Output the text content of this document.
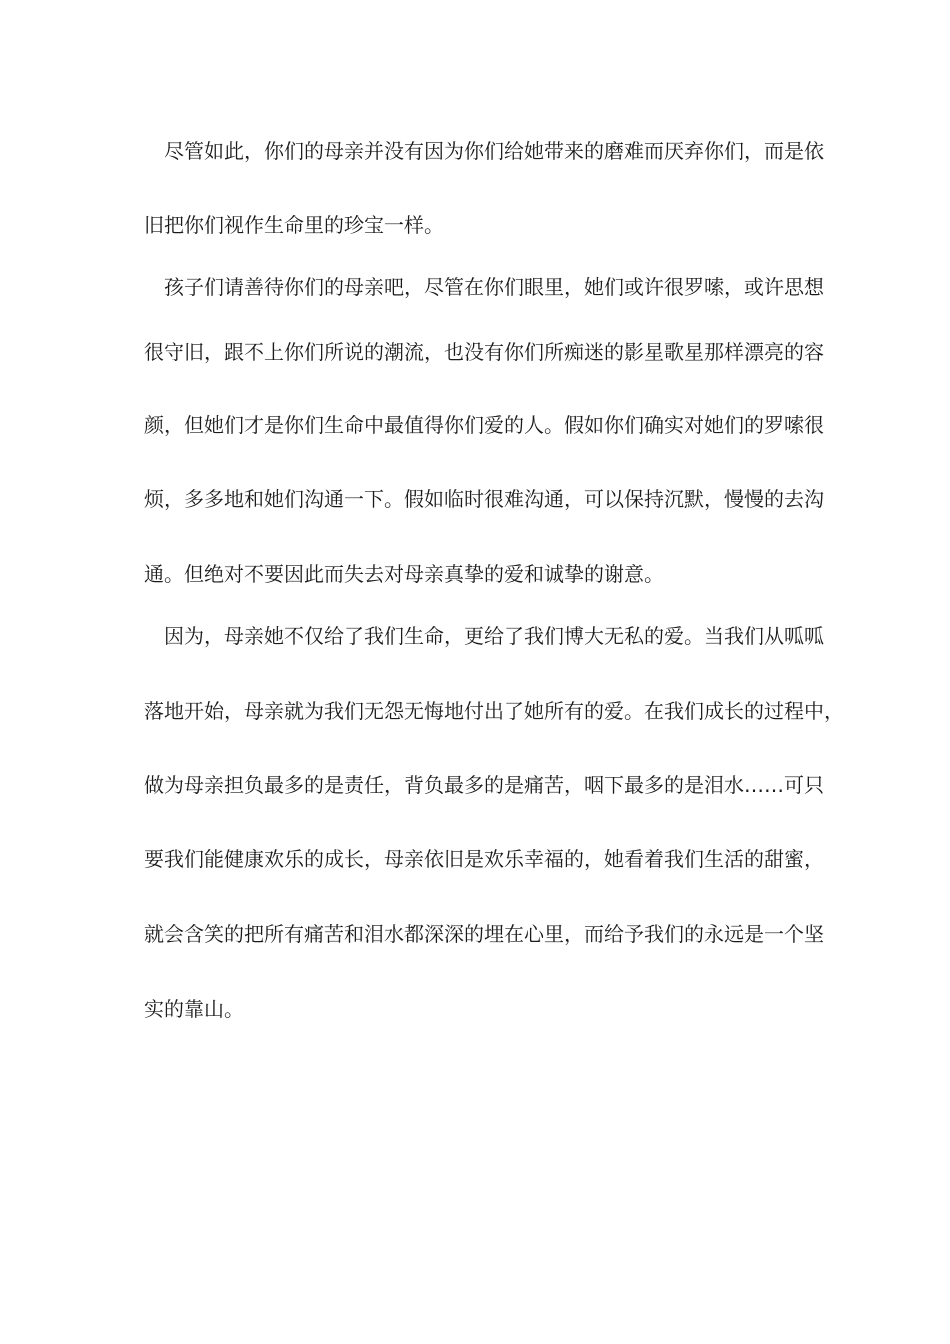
　尽管如此，你们的母亲并没有因为你们给她带来的磨难而厌弃你们，而是依

旧把你们视作生命里的珍宝一样。

　孩子们请善待你们的母亲吧，尽管在你们眼里，她们或许很罗嗦，或许思想

很守旧，跟不上你们所说的潮流，也没有你们所痴迷的影星歌星那样漂亮的容

颜，但她们才是你们生命中最值得你们爱的人。假如你们确实对她们的罗嗦很

烦，多多地和她们沟通一下。假如临时很难沟通，可以保持沉默，慢慢的去沟

通。但绝对不要因此而失去对母亲真挚的爱和诚挚的谢意。

　因为，母亲她不仅给了我们生命，更给了我们博大无私的爱。当我们从呱呱

落地开始，母亲就为我们无怨无悔地付出了她所有的爱。在我们成长的过程中，

做为母亲担负最多的是责任，背负最多的是痛苦，咽下最多的是泪水……可只

要我们能健康欢乐的成长，母亲依旧是欢乐幸福的，她看着我们生活的甜蜜，

就会含笑的把所有痛苦和泪水都深深的埋在心里，而给予我们的永远是一个坚

实的靠山。
